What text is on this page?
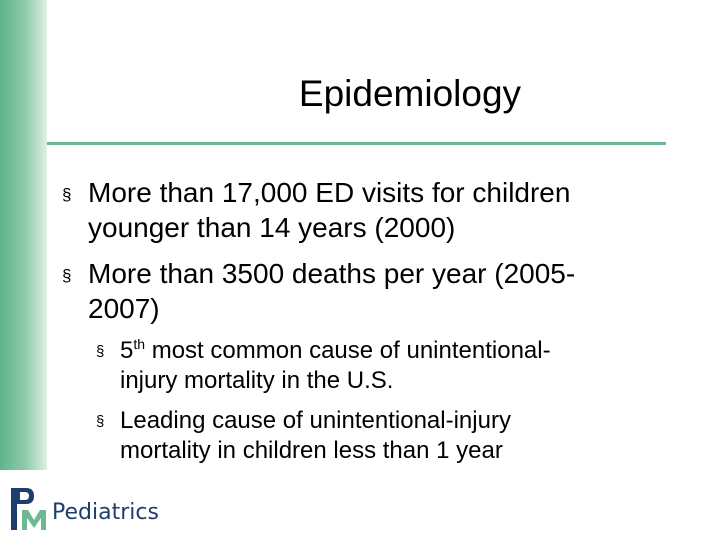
Epidemiology
§ More than 17,000 ED visits for children
younger than 14 years (2000)
§ More than 3500 deaths per year (2005-
2007)
§ 5th most common cause of unintentional-
injury mortality in the U.S.
§ Leading cause of unintentional-injury
mortality in children less than 1 year
Pediatrics
